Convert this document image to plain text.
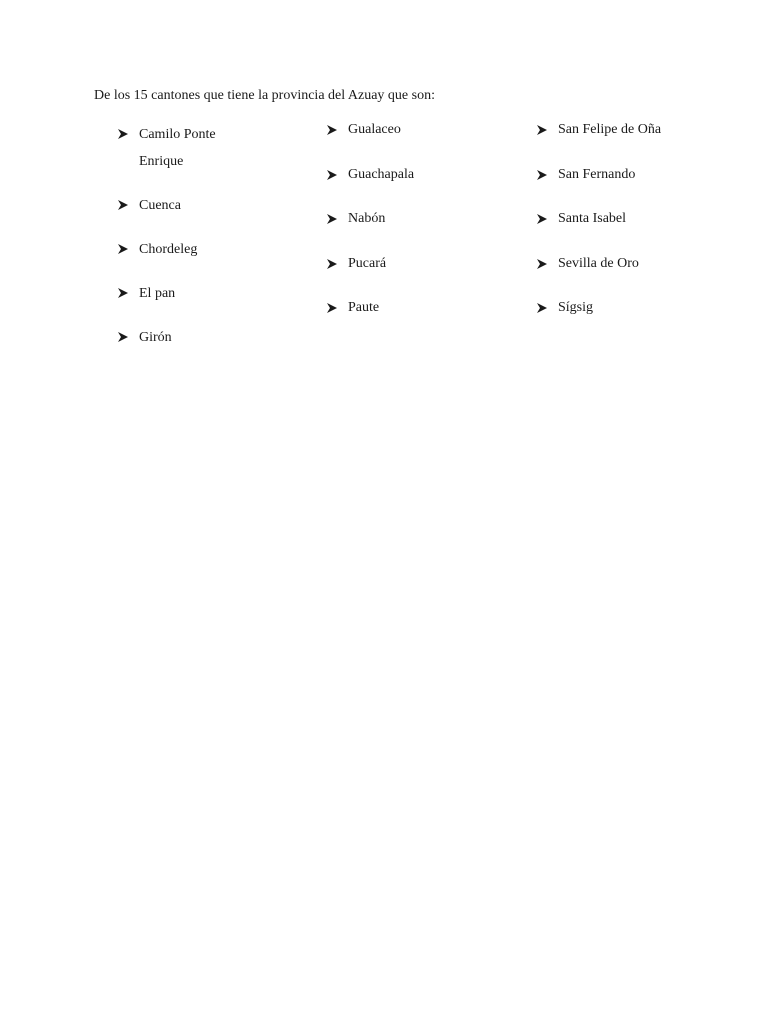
De los 15 cantones que tiene la provincia del Azuay que son:

Camilo Ponte Enrique
Cuenca
Chordeleg
El pan
Girón
Gualaceo
Guachapala
Nabón
Pucará
Paute
San Felipe de Oña
San Fernando
Santa Isabel
Sevilla de Oro
Sígsig
